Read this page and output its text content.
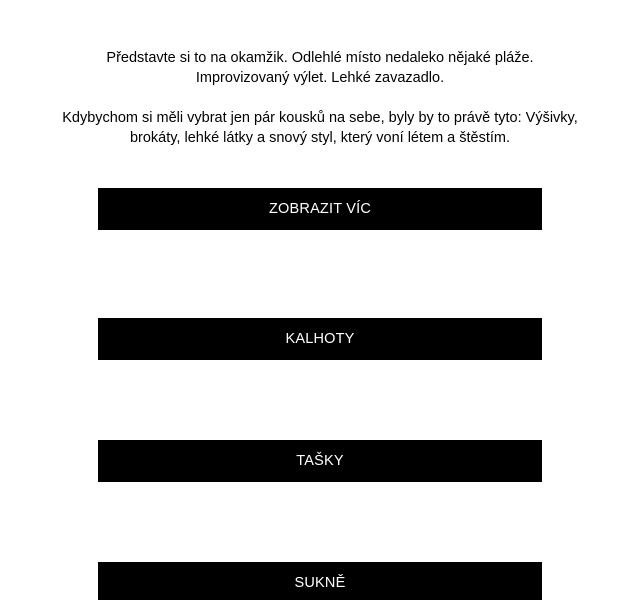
Představte si to na okamžik. Odlehlé místo nedaleko nějaké pláže. Improvizovaný výlet. Lehké zavazadlo.

Kdybychom si měli vybrat jen pár kousků na sebe, byly by to právě tyto: Výšivky, brokáty, lehké látky a snový styl, který voní létem a štěstím.

ZOBRAZIT VÍC
KALHOTY
TAŠKY
SUKNĚ
